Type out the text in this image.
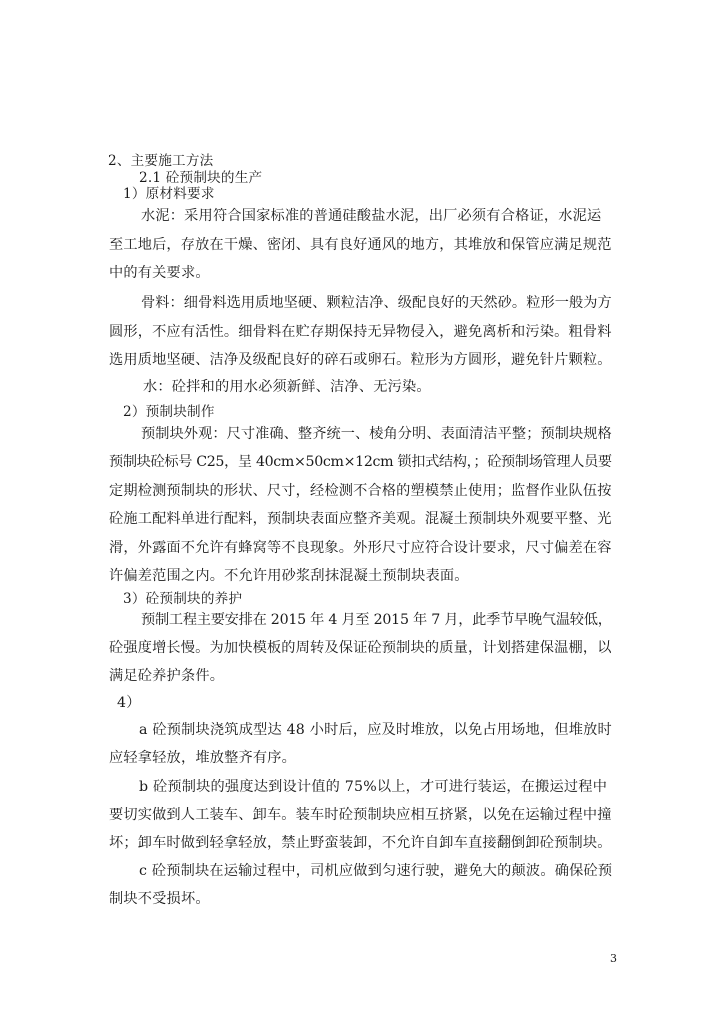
2、主要施工方法
2.1 砼预制块的生产
1）原材料要求
水泥：采用符合国家标准的普通硅酸盐水泥，出厂必须有合格证，水泥运
至工地后，存放在干燥、密闭、具有良好通风的地方，其堆放和保管应满足规范
中的有关要求。
骨料：细骨料选用质地坚硬、颗粒洁净、级配良好的天然砂。粒形一般为方
圆形，不应有活性。细骨料在贮存期保持无异物侵入，避免离析和污染。粗骨料
选用质地坚硬、洁净及级配良好的碎石或卵石。粒形为方圆形，避免针片颗粒。
水：砼拌和的用水必须新鲜、洁净、无污染。
2）预制块制作
预制块外观：尺寸准确、整齐统一、棱角分明、表面清洁平整；预制块规格
预制块砼标号 C25，呈 40cm×50cm×12cm 锁扣式结构，；砼预制场管理人员要
定期检测预制块的形状、尺寸，经检测不合格的塑模禁止使用；监督作业队伍按
砼施工配料单进行配料，预制块表面应整齐美观。混凝土预制块外观要平整、光
滑，外露面不允许有蜂窝等不良现象。外形尺寸应符合设计要求，尺寸偏差在容
许偏差范围之内。不允许用砂浆刮抹混凝土预制块表面。
3）砼预制块的养护
预制工程主要安排在 2015 年 4 月至 2015 年 7 月，此季节早晚气温较低，
砼强度增长慢。为加快模板的周转及保证砼预制块的质量，计划搭建保温棚，以
满足砼养护条件。
4）
a 砼预制块浇筑成型达 48 小时后，应及时堆放，以免占用场地，但堆放时
应轻拿轻放，堆放整齐有序。
b 砼预制块的强度达到设计值的 75%以上，才可进行装运，在搬运过程中
要切实做到人工装车、卸车。装车时砼预制块应相互挤紧，以免在运输过程中撞
坏；卸车时做到轻拿轻放，禁止野蛮装卸，不允许自卸车直接翻倒卸砼预制块。
c 砼预制块在运输过程中，司机应做到匀速行驶，避免大的颠波。确保砼预
制块不受损坏。
3
